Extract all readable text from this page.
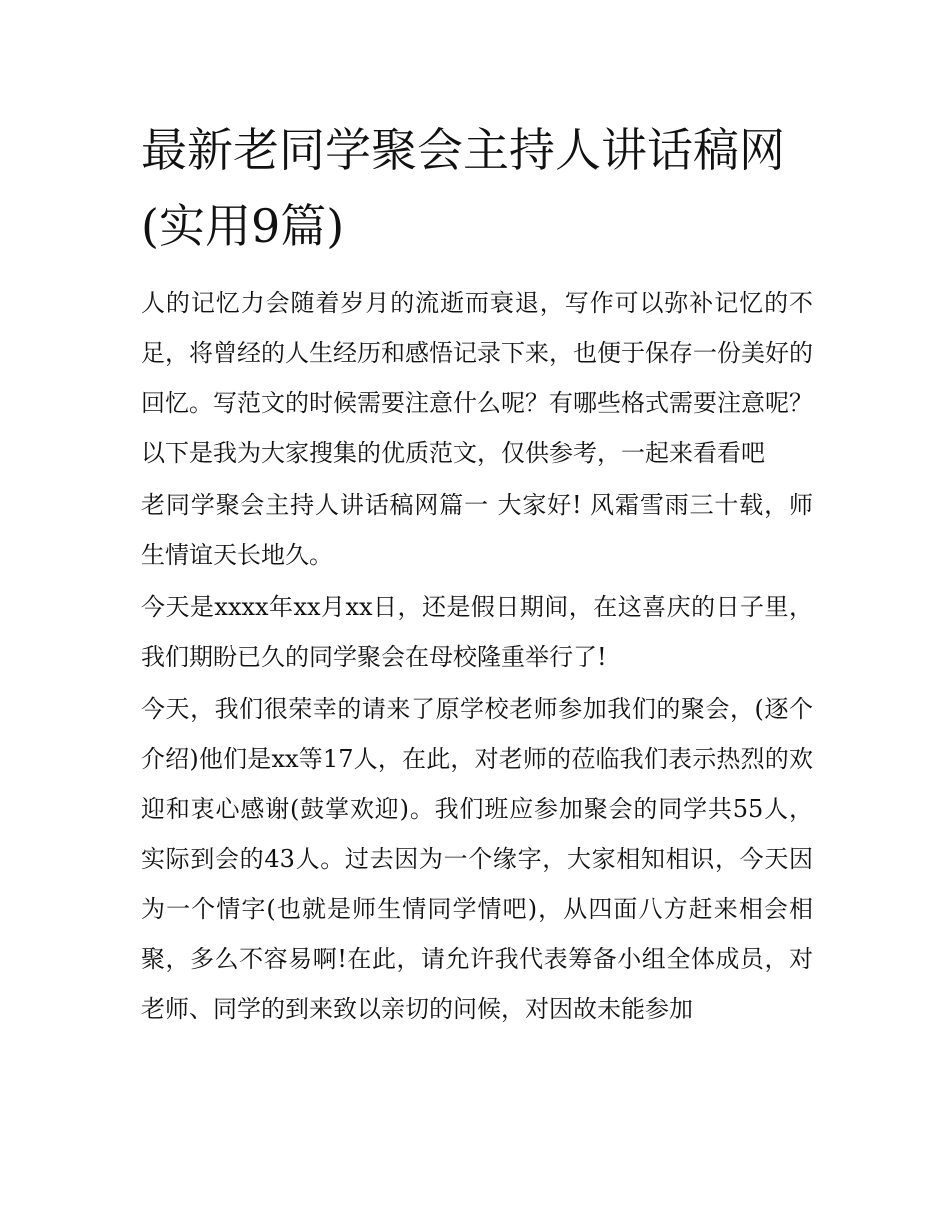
最新老同学聚会主持人讲话稿网(实用9篇)

人的记忆力会随着岁月的流逝而衰退，写作可以弥补记忆的不足，将曾经的人生经历和感悟记录下来，也便于保存一份美好的回忆。写范文的时候需要注意什么呢？有哪些格式需要注意呢？以下是我为大家搜集的优质范文，仅供参考，一起来看看吧

老同学聚会主持人讲话稿网篇一 大家好! 风霜雪雨三十载，师生情谊天长地久。

今天是xxxx年xx月xx日，还是假日期间，在这喜庆的日子里，我们期盼已久的同学聚会在母校隆重举行了!

今天，我们很荣幸的请来了原学校老师参加我们的聚会，(逐个介绍)他们是xx等17人，在此，对老师的莅临我们表示热烈的欢迎和衷心感谢(鼓掌欢迎)。我们班应参加聚会的同学共55人，实际到会的43人。过去因为一个缘字，大家相知相识，今天因为一个情字(也就是师生情同学情吧)，从四面八方赶来相会相聚，多么不容易啊!在此，请允许我代表筹备小组全体成员，对老师、同学的到来致以亲切的问候，对因故未能参加
